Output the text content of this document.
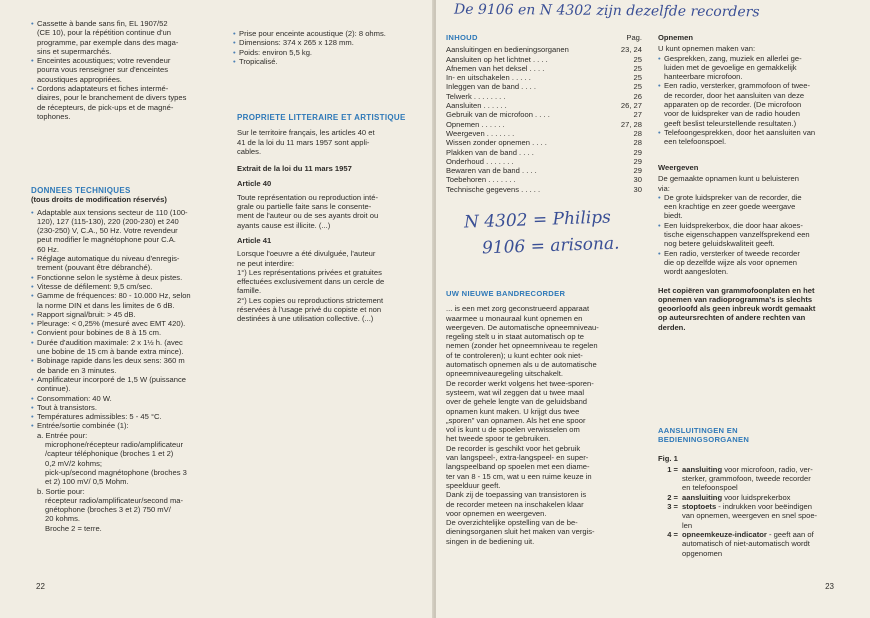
• Cassette à bande sans fin, EL 1907/52
(CE 10), pour la répétition continue d'un
programme, par exemple dans des maga-
sins et supermarchés.
• Enceintes acoustiques; votre revendeur
pourra vous renseigner sur d'enceintes
acoustiques appropriées.
• Cordons adaptateurs et fiches intermé-
diaires, pour le branchement de divers types
de récepteurs, de pick-ups et de magné-
tophones.
DONNEES TECHNIQUES
(tous droits de modification réservés)
• Adaptable aux tensions secteur de 110 (100-
120), 127 (115-130), 220 (200-230) et 240
(230-250) V, C.A., 50 Hz. Votre revendeur
peut modifier le magnétophone pour C.A.
60 Hz.
• Réglage automatique du niveau d'enregis-
trement (pouvant être débranché).
• Fonctionne selon le système à deux pistes.
• Vitesse de défilement: 9,5 cm/sec.
• Gamme de fréquences: 80 - 10.000 Hz, selon
la norme DIN et dans les limites de 6 dB.
• Rapport signal/bruit: > 45 dB.
• Pleurage: < 0,25% (mesuré avec EMT 420).
• Convient pour bobines de 8 à 15 cm.
• Durée d'audition maximale: 2 x 1½ h. (avec
une bobine de 15 cm à bande extra mince).
• Bobinage rapide dans les deux sens: 360 m
de bande en 3 minutes.
• Amplificateur incorporé de 1,5 W (puissance
continue).
• Consommation: 40 W.
• Tout à transistors.
• Températures admissibles: 5 - 45 °C.
• Entrée/sortie combinée (1):
a. Entrée pour:
microphone/récepteur radio/amplificateur
/capteur téléphonique (broches 1 et 2)
0,2 mV/2 kohms;
pick-up/second magnétophone (broches 3
et 2) 100 mV/ 0,5 Mohm.
b. Sortie pour:
récepteur radio/amplificateur/second ma-
gnétophone (broches 3 et 2) 750 mV/
20 kohms.
Broche 2 = terre.
• Prise pour enceinte acoustique (2): 8 ohms.
• Dimensions: 374 x 265 x 128 mm.
• Poids: environ 5,5 kg.
• Tropicalisé.
PROPRIETE LITTERAIRE ET ARTISTIQUE
Sur le territoire français, les articles 40 et
41 de la loi du 11 mars 1957 sont appli-
cables.
Extrait de la loi du 11 mars 1957
Article 40
Toute représentation ou reproduction inté-
grale ou partielle faite sans le consente-
ment de l'auteur ou de ses ayants droit ou
ayants cause est illicite. (...)
Article 41
Lorsque l'oeuvre a été divulguée, l'auteur
ne peut interdire:
1°) Les représentations privées et gratuites
effectuées exclusivement dans un cercle de
famille.
2°) Les copies ou reproductions strictement
réservées à l'usage privé du copiste et non
destinées à une utilisation collective. (...)
22
De 9106 en N 4302 zijn dezelfde recorders
INHOUD	Pag.
Aansluitingen en bedieningsorganen	23, 24
Aansluiten op het lichtnet . . . .	25
Afnemen van het deksel . . . .	25
In- en uitschakelen . . . . .	25
Inleggen van de band . . . .	25
Telwerk . . . . . . . .	26
Aansluiten . . . . . .	26, 27
Gebruik van de microfoon . . . .	27
Opnemen . . . . . .	27, 28
Weergeven . . . . . . .	28
Wissen zonder opnemen . . . .	28
Plakken van de band . . . .	29
Onderhoud . . . . . . .	29
Bewaren van de band . . . .	29
Toebehoren . . . . . . .	30
Technische gegevens . . . . .	30
N 4302 = Philips
9106 = arisona.
UW NIEUWE BANDRECORDER
... is een met zorg geconstrueerd apparaat
waarmee u monauraal kunt opnemen en
weergeven. De automatische opneemniveau-
regeling stelt u in staat automatisch op te
nemen (zonder het opneemniveau te regelen
of te controleren); u kunt echter ook niet-
automatisch opnemen als u de automatische
opneemniveauregeling uitschakelt.
De recorder werkt volgens het twee-sporen-
systeem, wat wil zeggen dat u twee maal
over de gehele lengte van de geluidsband
opnamen kunt maken. U krijgt dus twee
„sporen" van opnamen. Als het ene spoor
vol is kunt u de spoelen verwisselen om
het tweede spoor te gebruiken.
De recorder is geschikt voor het gebruik
van langspeel-, extra-langspeel- en super-
langspeelband op spoelen met een diame-
ter van 8 - 15 cm, wat u een ruime keuze in
speelduur geeft.
Dank zij de toepassing van transistoren is
de recorder meteen na inschakelen klaar
voor opnemen en weergeven.
De overzichtelijke opstelling van de be-
dieningsorganen sluit het maken van vergis-
singen in de bediening uit.
Opnemen
U kunt opnemen maken van:
• Gesprekken, zang, muziek en allerlei ge-
luiden met de gevoelige en gemakkelijk
hanteerbare microfoon.
• Een radio, versterker, grammofoon of twee-
de recorder, door het aansluiten van deze
apparaten op de recorder. (De microfoon
voor de luidspreker van de radio houden
geeft beslist teleurstellende resultaten.)
• Telefoongesprekken, door het aansluiten van
een telefoonspoel.
Weergeven
De gemaakte opnamen kunt u beluisteren
via:
• De grote luidspreker van de recorder, die
een krachtige en zeer goede weergave
biedt.
• Een luidsprekerbox, die door haar akoes-
tische eigenschappen vanzelfsprekend een
nog betere geluidskwaliteit geeft.
• Een radio, versterker of tweede recorder
die op dezelfde wijze als voor opnemen
wordt aangesloten.
Het copiëren van grammofoonplaten en het
opnemen van radioprogramma's is slechts
geoorloofd als geen inbreuk wordt gemaakt
op auteursrechten of andere rechten van
derden.
AANSLUITINGEN EN
BEDIENINGSORGANEN
Fig. 1
1 = aansluiting voor microfoon, radio, ver-
sterker, grammofoon, tweede recorder
en telefoonspoel
2 = aansluiting voor luidsprekerbox
3 = stoptoets - indrukken voor beëindigen
van opnemen, weergeven en snel spoe-
len
4 = opneemkeuze-indicator - geeft aan of
automatisch of niet-automatisch wordt
opgenomen
23
